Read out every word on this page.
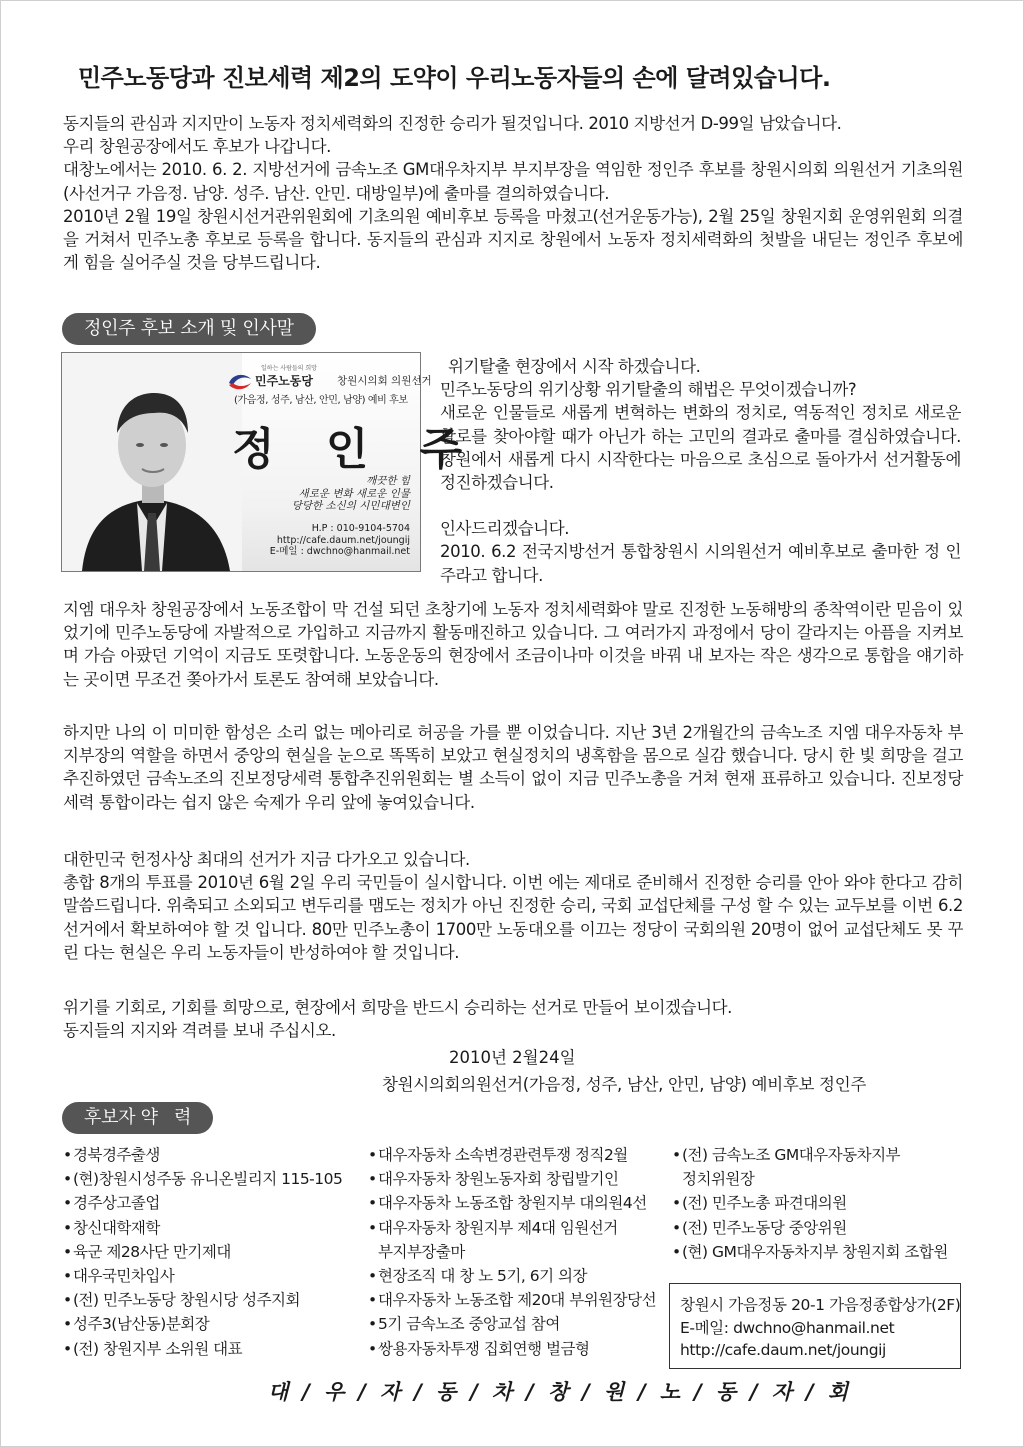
민주노동당과 진보세력 제2의 도약이 우리노동자들의 손에 달려있습니다.

동지들의 관심과 지지만이 노동자 정치세력화의 진정한 승리가 될것입니다. 2010 지방선거 D-99일 남았습니다.

우리 창원공장에서도 후보가 나갑니다.

대창노에서는 2010. 6. 2. 지방선거에 금속노조 GM대우차지부 부지부장을 역임한 정인주 후보를 창원시의회 의원선거 기초의원(사선거구 가음정. 남양. 성주. 남산. 안민. 대방일부)에 출마를 결의하였습니다.

2010년 2월 19일 창원시선거관위원회에 기초의원 예비후보 등록을 마쳤고(선거운동가능), 2월 25일 창원지회 운영위원회 의결을 거쳐서 민주노총 후보로 등록을 합니다. 동지들의 관심과 지지로 창원에서 노동자 정치세력화의 첫발을 내딛는 정인주 후보에게 힘을 실어주실 것을 당부드립니다.

정인주 후보 소개 및 인사말
일하는 사람들의 희망
민주노동당 창원시의회 의원선거
(가음정, 성주, 남산, 안민, 남양) 예비 후보
정 인 주
깨끗한 힘
새로운 변화 새로운 인물
당당한 소신의 시민대변인
H.P : 010-9104-5704
http://cafe.daum.net/joungij
E-메일 : dwchno@hanmail.net

위기탈출 현장에서 시작 하겠습니다.

민주노동당의 위기상황 위기탈출의 해법은 무엇이겠습니까?

새로운 인물들로 새롭게 변혁하는 변화의 정치로, 역동적인 정치로 새로운 활로를 찾아야할 때가 아닌가 하는 고민의 결과로 출마를 결심하였습니다. 창원에서 새롭게 다시 시작한다는 마음으로 초심으로 돌아가서 선거활동에 정진하겠습니다.

인사드리겠습니다.

2010. 6.2 전국지방선거 통합창원시 시의원선거 예비후보로 출마한 정 인 주라고 합니다.

지엠 대우차 창원공장에서 노동조합이 막 건설 되던 초창기에 노동자 정치세력화야 말로 진정한 노동해방의 종착역이란 믿음이 있었기에 민주노동당에 자발적으로 가입하고 지금까지 활동매진하고 있습니다. 그 여러가지 과정에서 당이 갈라지는 아픔을 지켜보며 가슴 아팠던 기억이 지금도 또렷합니다. 노동운동의 현장에서 조금이나마 이것을 바꿔 내 보자는 작은 생각으로 통합을 얘기하는 곳이면 무조건 쫒아가서 토론도 참여해 보았습니다.
하지만 나의 이 미미한 함성은 소리 없는 메아리로 허공을 가를 뿐 이었습니다. 지난 3년 2개월간의 금속노조 지엠 대우자동차 부지부장의 역할을 하면서 중앙의 현실을 눈으로 똑똑히 보았고 현실정치의 냉혹함을 몸으로 실감 했습니다. 당시 한 빛 희망을 걸고 추진하였던 금속노조의 진보정당세력 통합추진위원회는 별 소득이 없이 지금 민주노총을 거쳐 현재 표류하고 있습니다. 진보정당세력 통합이라는 쉽지 않은 숙제가 우리 앞에 놓여있습니다.

대한민국 헌정사상 최대의 선거가 지금 다가오고 있습니다.

총합 8개의 투표를 2010년 6월 2일 우리 국민들이 실시합니다. 이번 에는 제대로 준비해서 진정한 승리를 안아 와야 한다고 감히 말씀드립니다. 위축되고 소외되고 변두리를 맴도는 정치가 아닌 진정한 승리, 국회 교섭단체를 구성 할 수 있는 교두보를 이번 6.2선거에서 확보하여야 할 것 입니다. 80만 민주노총이 1700만 노동대오를 이끄는 정당이 국회의원 20명이 없어 교섭단체도 못 꾸린 다는 현실은 우리 노동자들이 반성하여야 할 것입니다.

위기를 기회로, 기회를 희망으로, 현장에서 희망을 반드시 승리하는 선거로 만들어 보이겠습니다.

동지들의 지지와 격려를 보내 주십시오.

2010년 2월24일
창원시의회의원선거(가음정, 성주, 남산, 안민, 남양) 예비후보 정인주
후보자 약   력
•경북경주출생
•(현)창원시성주동 유니온빌리지 115-105
•경주상고졸업
•창신대학재학
•육군 제28사단 만기제대
•대우국민차입사
•(전) 민주노동당 창원시당 성주지회
•성주3(남산동)분회장
•(전) 창원지부 소위원 대표
•대우자동차 소속변경관련투쟁 정직2월
•대우자동차 창원노동자회 창립발기인
•대우자동차 노동조합 창원지부 대의원4선
•대우자동차 창원지부 제4대 임원선거
부지부장출마
•현장조직 대 창 노 5기, 6기 의장
•대우자동차 노동조합 제20대 부위원장당선
•5기 금속노조 중앙교섭 참여
•쌍용자동차투쟁 집회연행 벌금형
•(전) 금속노조 GM대우자동차지부
정치위원장
•(전) 민주노총 파견대의원
•(전) 민주노동당 중앙위원
•(현) GM대우자동차지부 창원지회 조합원
창원시 가음정동 20-1 가음정종합상가(2F)
E-메일: dwchno@hanmail.net
http://cafe.daum.net/joungij
대 / 우 / 자 / 동 / 차 / 창 / 원 / 노 / 동 / 자 / 회
